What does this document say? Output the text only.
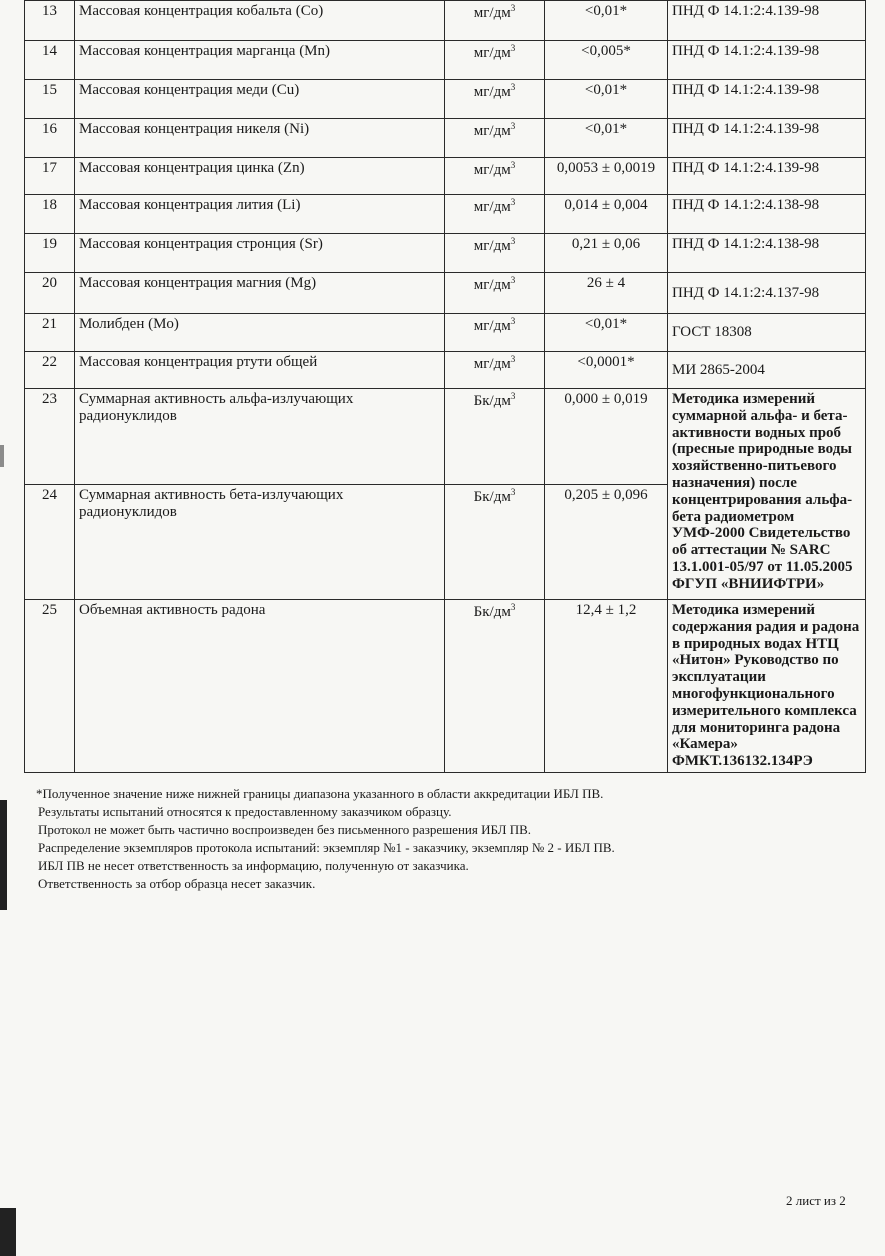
13	Массовая концентрация кобальта (Co)	$мг/дм^3$	<0,01*	ПНД Ф 14.1:2:4.139-98
14	Массовая концентрация марганца (Mn)	$мг/дм^3$	<0,005*	ПНД Ф 14.1:2:4.139-98
15	Массовая концентрация меди (Cu)	$мг/дм^3$	<0,01*	ПНД Ф 14.1:2:4.139-98
16	Массовая концентрация никеля (Ni)	$мг/дм^3$	<0,01*	ПНД Ф 14.1:2:4.139-98
17	Массовая концентрация цинка (Zn)	$мг/дм^3$	0,0053 ± 0,0019	ПНД Ф 14.1:2:4.139-98
18	Массовая концентрация лития (Li)	$мг/дм^3$	0,014 ± 0,004	ПНД Ф 14.1:2:4.138-98
19	Массовая концентрация стронция (Sr)	$мг/дм^3$	0,21 ± 0,06	ПНД Ф 14.1:2:4.138-98
20	Массовая концентрация магния (Mg)	$мг/дм^3$	26 ± 4	ПНД Ф 14.1:2:4.137-98
21	Молибден (Mo)	$мг/дм^3$	<0,01*	ГОСТ 18308
22	Массовая концентрация ртути общей	$мг/дм^3$	<0,0001*	МИ 2865-2004
23	Суммарная активность альфа-излучающих радионуклидов	$Бк/дм^3$	0,000 ± 0,019	Методика измерений суммарной альфа- и бета-активности водных проб (пресные природные воды хозяйственно-питьевого назначения) после концентрирования альфа-бета радиометром УМФ-2000 Свидетельство об аттестации № SARC 13.1.001-05/97 от 11.05.2005 ФГУП «ВНИИФТРИ»
24	Суммарная активность бета-излучающих радионуклидов	$Бк/дм^3$	0,205 ± 0,096	
25	Объемная активность радона	$Бк/дм^3$	12,4 ± 1,2	Методика измерений содержания радия и радона в природных водах НТЦ «Нитон» Руководство по эксплуатации многофункционального измерительного комплекса для мониторинга радона «Камера» ФМКТ.136132.134РЭ
*Полученное значение ниже нижней границы диапазона указанного в области аккредитации ИБЛ ПВ.
Результаты испытаний относятся к предоставленному заказчиком образцу.
Протокол не может быть частично воспроизведен без письменного разрешения ИБЛ ПВ.
Распределение экземпляров протокола испытаний: экземпляр №1 - заказчику, экземпляр № 2 - ИБЛ ПВ.
ИБЛ ПВ не несет ответственность за информацию, полученную от заказчика.
Ответственность за отбор образца несет заказчик.
2 лист из 2
